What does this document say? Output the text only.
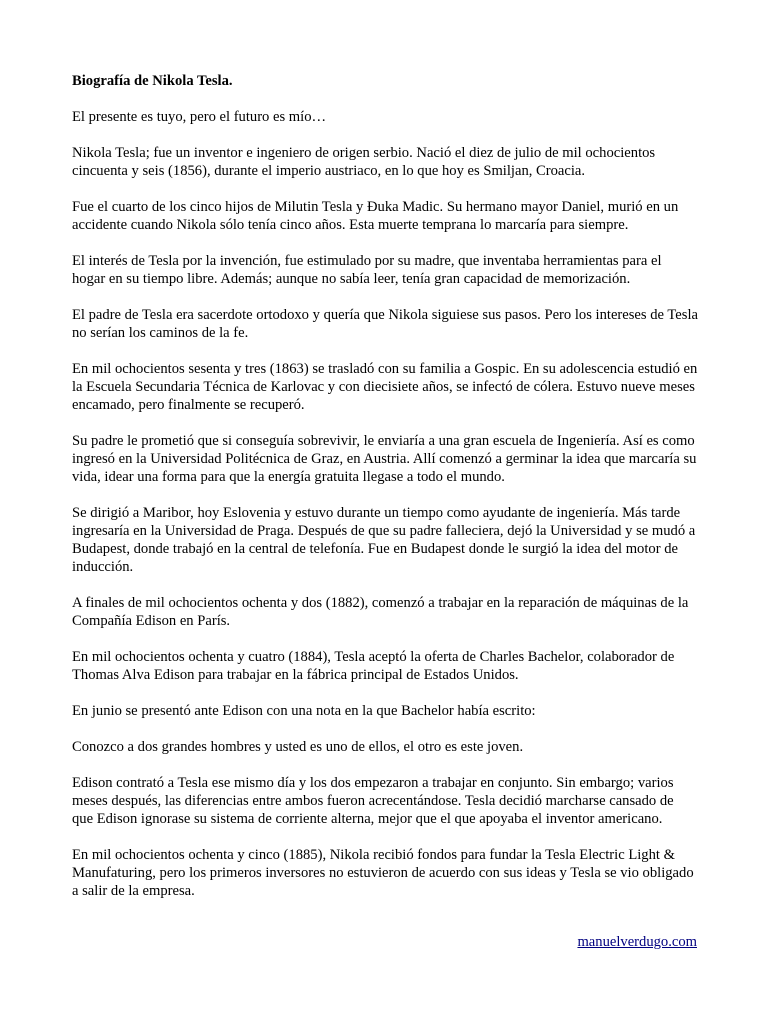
Biografía de Nikola Tesla.

El presente es tuyo, pero el futuro es mío…

Nikola Tesla; fue un inventor e ingeniero de origen serbio. Nació el diez de julio de mil ochocientos cincuenta y seis (1856), durante el imperio austriaco, en lo que hoy es Smiljan, Croacia.

Fue el cuarto de los cinco hijos de Milutin Tesla y Đuka Madic. Su hermano mayor Daniel, murió en un accidente cuando Nikola sólo tenía cinco años. Esta muerte temprana lo marcaría para siempre.

El interés de Tesla por la invención, fue estimulado por su madre, que inventaba herramientas para el hogar en su tiempo libre. Además; aunque no sabía leer, tenía gran capacidad de memorización.

El padre de Tesla era sacerdote ortodoxo y quería que Nikola siguiese sus pasos. Pero los intereses de Tesla no serían los caminos de la fe.

En mil ochocientos sesenta y tres (1863) se trasladó con su familia a Gospic. En su adolescencia estudió en la Escuela Secundaria Técnica de Karlovac y con diecisiete años, se infectó de cólera. Estuvo nueve meses encamado, pero finalmente se recuperó.

Su padre le prometió que si conseguía sobrevivir, le enviaría a una gran escuela de Ingeniería. Así es como ingresó en la Universidad Politécnica de Graz, en Austria. Allí comenzó a germinar la idea que marcaría su vida, idear una forma para que la energía gratuita llegase a todo el mundo.

Se dirigió a Maribor, hoy Eslovenia y estuvo durante un tiempo como ayudante de ingeniería. Más tarde ingresaría en la Universidad de Praga. Después de que su padre falleciera, dejó la Universidad y se mudó a Budapest, donde trabajó en la central de telefonía. Fue en Budapest donde le surgió la idea del motor de inducción.

A finales de mil ochocientos ochenta y dos (1882), comenzó a trabajar en la reparación de máquinas de la Compañía Edison en París.

En mil ochocientos ochenta y cuatro (1884), Tesla aceptó la oferta de Charles Bachelor, colaborador de Thomas Alva Edison para trabajar en la fábrica principal de Estados Unidos.

En junio se presentó ante Edison con una nota en la que Bachelor había escrito:

Conozco a dos grandes hombres y usted es uno de ellos, el otro es este joven.

Edison contrató a Tesla ese mismo día y los dos empezaron a trabajar en conjunto. Sin embargo; varios meses después, las diferencias entre ambos fueron acrecentándose. Tesla decidió marcharse cansado de que Edison ignorase su sistema de corriente alterna, mejor que el que apoyaba el inventor americano.

En mil ochocientos ochenta y cinco (1885), Nikola recibió fondos para fundar la Tesla Electric Light & Manufaturing, pero los primeros inversores no estuvieron de acuerdo con sus ideas y Tesla se vio obligado a salir de la empresa.

manuelverdugo.com
